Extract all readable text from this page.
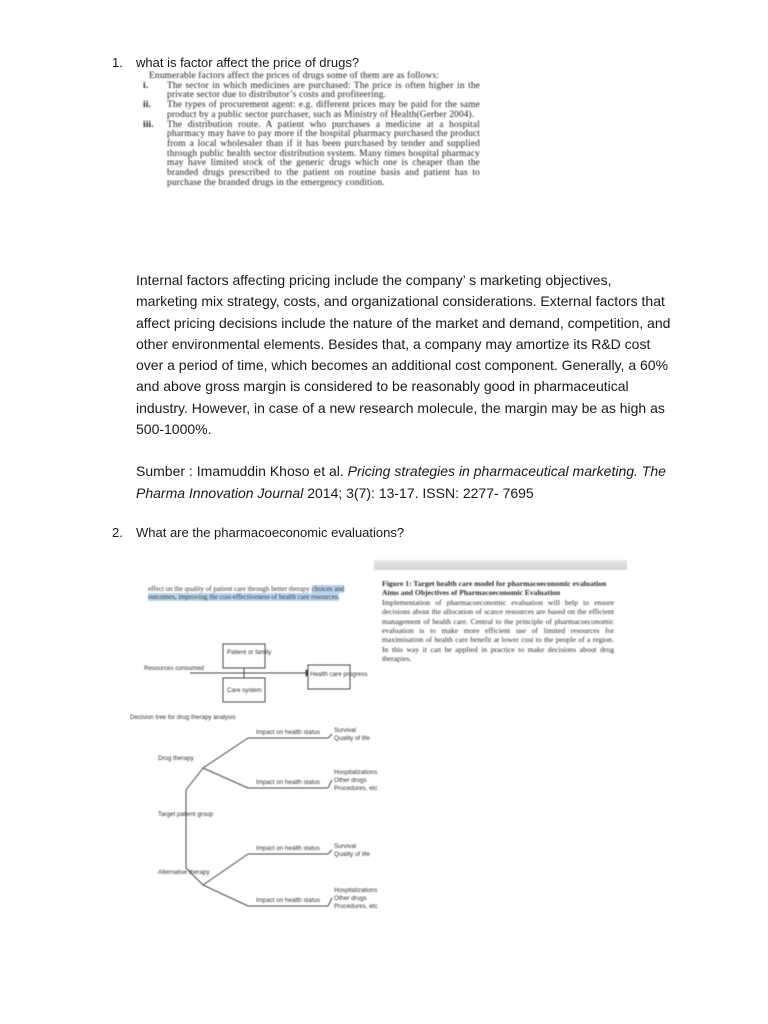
1. what is factor affect the price of drugs?

Enumerable factors affect the prices of drugs some of them are as follows:

i.	The sector in which medicines are purchased: The price is often higher in the private sector due to distributor’s costs and profiteering.
ii.	The types of procurement agent: e.g. different prices may be paid for the same product by a public sector purchaser, such as Ministry of Health(Gerber 2004).
iii.	The distribution route. A patient who purchases a medicine at a hospital pharmacy may have to pay more if the hospital pharmacy purchased the product from a local wholesaler than if it has been purchased by tender and supplied through public health sector distribution system. Many times hospital pharmacy may have limited stock of the generic drugs which one is cheaper than the branded drugs prescribed to the patient on routine basis and patient has to purchase the branded drugs in the emergency condition.

Internal factors affecting pricing include the company’ s marketing objectives, marketing mix strategy, costs, and organizational considerations. External factors that affect pricing decisions include the nature of the market and demand, competition, and other environmental elements. Besides that, a company may amortize its R&D cost over a period of time, which becomes an additional cost component. Generally, a 60% and above gross margin is considered to be reasonably good in pharmaceutical industry. However, in case of a new research molecule, the margin may be as high as 500-1000%.

Sumber : Imamuddin Khoso et al. Pricing strategies in pharmaceutical marketing. The Pharma Innovation Journal 2014; 3(7): 13-17. ISSN: 2277- 7695

2. What are the pharmacoeconomic evaluations?
effect on the quality of patient care through better therapy choices and outcomes, improving the cost-effectiveness of health care resources.
Resources consumed
Patient or family
Care system
Health care progress
Decision tree for drug therapy analysis
Drug therapy
Target patient group
Alternative therapy
Impact on health status
Impact on health status
Impact on health status
Impact on health status
Survival
Quality of life
Hospitalizations
Other drugs
Procedures, etc.
Survival
Quality of life
Hospitalizations
Other drugs
Procedures, etc.
Figure 1: Target health care model for pharmacoeconomic evaluation
Aims and Objectives of Pharmacoeconomic Evaluation
Implementation of pharmacoeconomic evaluation will help to ensure decisions about the allocation of scarce resources are based on the efficient management of health care. Central to the principle of pharmacoeconomic evaluation is to make more efficient use of limited resources for maximisation of health care benefit at lower cost to the people of a region. In this way it can be applied in practice to make decisions about drug therapies.
